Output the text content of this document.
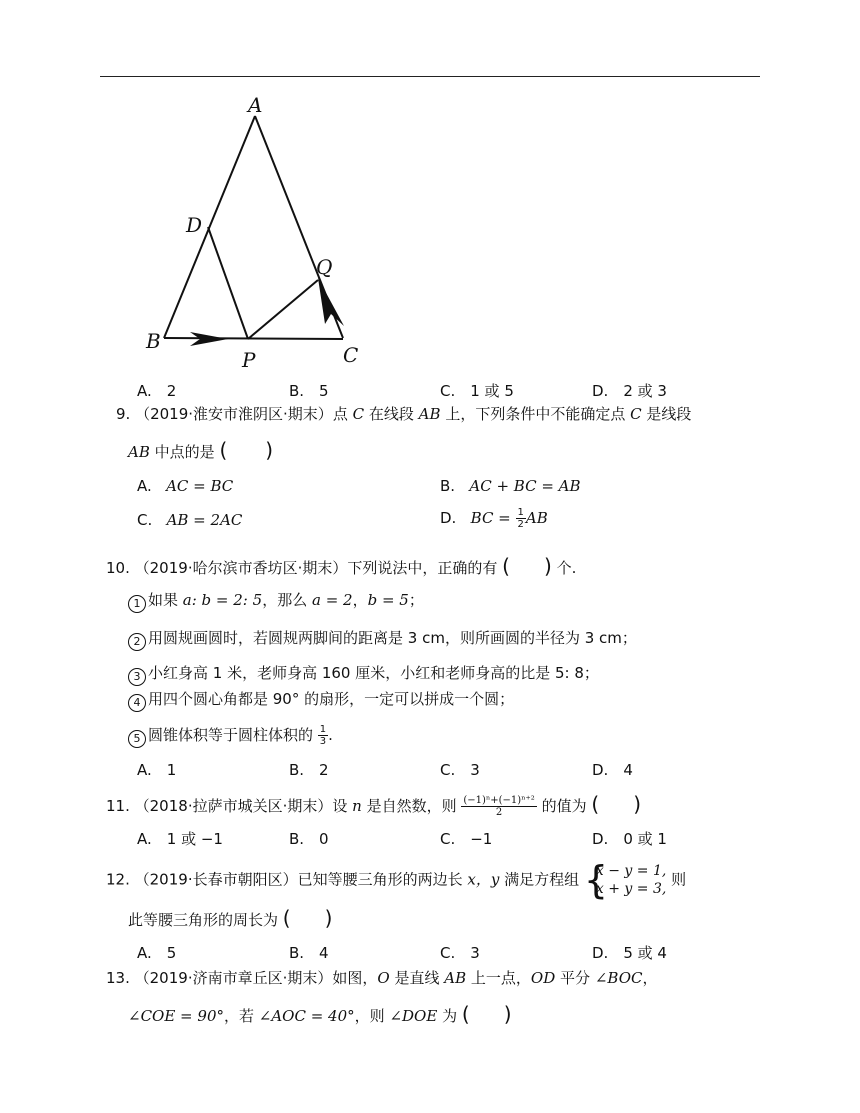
A
B
C
D
P
Q
A.　2	B.　5	C.　1 或 5	D.　2 或 3
9. （2019·淮安市淮阴区·期末）点 C 在线段 AB 上，下列条件中不能确定点 C 是线段
AB 中点的是 ( )
A. AC = BC	B. AC + BC = AB
C. AB = 2AC	D. BC = $\frac{1}{2}$ AB
10. （2019·哈尔滨市香坊区·期末）下列说法中，正确的有 ( ) 个.
1 如果 a: b = 2: 5，那么 a = 2，b = 5；
2 用圆规画圆时，若圆规两脚间的距离是 3 cm，则所画圆的半径为 3 cm；
3 小红身高 1 米，老师身高 160 厘米，小红和老师身高的比是 5: 8；
4 用四个圆心角都是 90° 的扇形，一定可以拼成一个圆；
5 圆锥体积等于圆柱体积的 $\frac{1}{3}$ .
A.　1	B.　2	C.　3	D.　4
11. （2018·拉萨市城关区·期末）设 n 是自然数，则 $\frac{\text{(−1)ⁿ+(−1)ⁿ⁺²}}{2}$ 的值为 ( )
A.　1 或 −1	B.　0	C.　−1	D.　0 或 1
12. （2019·长春市朝阳区）已知等腰三角形的两边长 x，y 满足方程组 {
x − y = 1,
x + y = 3,
则
此等腰三角形的周长为 ( )
A.　5	B.　4	C.　3	D.　5 或 4
13. （2019·济南市章丘区·期末）如图，O 是直线 AB 上一点，OD 平分 ∠BOC，
∠COE = 90°，若 ∠AOC = 40°，则 ∠DOE 为 ( )
